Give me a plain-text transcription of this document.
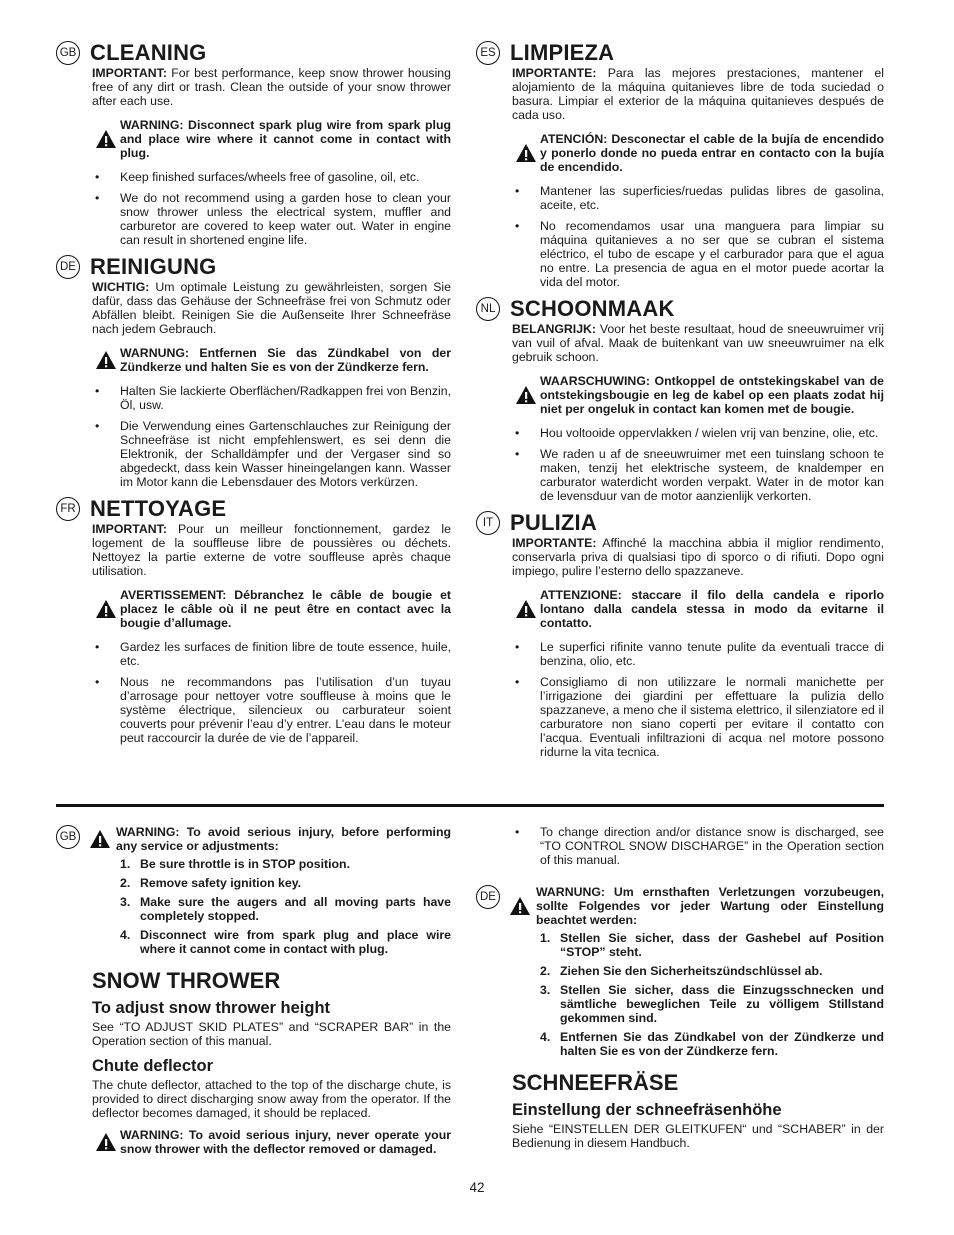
GB CLEANING
IMPORTANT: For best performance, keep snow thrower housing free of any dirt or trash. Clean the outside of your snow thrower after each use.
WARNING: Disconnect spark plug wire from spark plug and place wire where it cannot come in contact with plug.
• Keep finished surfaces/wheels free of gasoline, oil, etc.
• We do not recommend using a garden hose to clean your snow thrower unless the electrical system, muffler and carburetor are covered to keep water out. Water in engine can result in shortened engine life.
DE REINIGUNG
WICHTIG: Um optimale Leistung zu gewährleisten, sorgen Sie dafür, dass das Gehäuse der Schneefräse frei von Schmutz oder Abfällen bleibt. Reinigen Sie die Außenseite Ihrer Schneefräse nach jedem Gebrauch.
WARNUNG: Entfernen Sie das Zündkabel von der Zündkerze und halten Sie es von der Zündkerze fern.
• Halten Sie lackierte Oberflächen/Radkappen frei von Benzin, Öl, usw.
• Die Verwendung eines Gartenschlauches zur Reinigung der Schneefräse ist nicht empfehlenswert, es sei denn die Elektronik, der Schalldämpfer und der Vergaser sind so abgedeckt, dass kein Wasser hineingelangen kann. Wasser im Motor kann die Lebensdauer des Motors verkürzen.
FR NETTOYAGE
IMPORTANT: Pour un meilleur fonctionnement, gardez le logement de la souffleuse libre de poussières ou déchets. Nettoyez la partie externe de votre souffleuse après chaque utilisation.
AVERTISSEMENT: Débranchez le câble de bougie et placez le câble où il ne peut être en contact avec la bougie d’allumage.
• Gardez les surfaces de finition libre de toute essence, huile, etc.
• Nous ne recommandons pas l’utilisation d’un tuyau d’arrosage pour nettoyer votre souffleuse à moins que le système électrique, silencieux ou carburateur soient couverts pour prévenir l’eau d’y entrer. L’eau dans le moteur peut raccourcir la durée de vie de l’appareil.
ES LIMPIEZA
IMPORTANTE: Para las mejores prestaciones, mantener el alojamiento de la máquina quitanieves libre de toda suciedad o basura. Limpiar el exterior de la máquina quitanieves después de cada uso.
ATENCIÓN: Desconectar el cable de la bujía de encendido y ponerlo donde no pueda entrar en contacto con la bujía de encendido.
• Mantener las superficies/ruedas pulidas libres de gasolina, aceite, etc.
• No recomendamos usar una manguera para limpiar su máquina quitanieves a no ser que se cubran el sistema eléctrico, el tubo de escape y el carburador para que el agua no entre. La presencia de agua en el motor puede acortar la vida del motor.
NL SCHOONMAAK
BELANGRIJK: Voor het beste resultaat, houd de sneeuwruimer vrij van vuil of afval. Maak de buitenkant van uw sneeuwruimer na elk gebruik schoon.
WAARSCHUWING: Ontkoppel de ontstekingskabel van de ontstekingsbougie en leg de kabel op een plaats zodat hij niet per ongeluk in contact kan komen met de bougie.
• Hou voltooide oppervlakken / wielen vrij van benzine, olie, etc.
• We raden u af de sneeuwruimer met een tuinslang schoon te maken, tenzij het elektrische systeem, de knaldemper en carburator waterdicht worden verpakt. Water in de motor kan de levensduur van de motor aanzienlijk verkorten.
IT PULIZIA
IMPORTANTE: Affinché la macchina abbia il miglior rendimento, conservarla priva di qualsiasi tipo di sporco o di rifiuti. Dopo ogni impiego, pulire l’esterno dello spazzaneve.
ATTENZIONE: staccare il filo della candela e riporlo lontano dalla candela stessa in modo da evitarne il contatto.
• Le superfici rifinite vanno tenute pulite da eventuali tracce di benzina, olio, etc.
• Consigliamo di non utilizzare le normali manichette per l’irrigazione dei giardini per effettuare la pulizia dello spazzaneve, a meno che il sistema elettrico, il silenziatore ed il carburatore non siano coperti per evitare il contatto con l’acqua. Eventuali infiltrazioni di acqua nel motore possono ridurne la vita tecnica.
GB	WARNING: To avoid serious injury, before performing any service or adjustments:
1. Be sure throttle is in STOP position.
2. Remove safety ignition key.
3. Make sure the augers and all moving parts have completely stopped.
4. Disconnect wire from spark plug and place wire where it cannot come in contact with plug.
SNOW THROWER
To adjust snow thrower height
See “TO ADJUST SKID PLATES” and “SCRAPER BAR” in the Operation section of this manual.
Chute deflector
The chute deflector, attached to the top of the discharge chute, is provided to direct discharging snow away from the operator. If the deflector becomes damaged, it should be replaced.
WARNING: To avoid serious injury, never operate your snow thrower with the deflector removed or damaged.
• To change direction and/or distance snow is discharged, see “TO CONTROL SNOW DISCHARGE” in the Operation section of this manual.
DE	WARNUNG: Um ernsthaften Verletzungen vorzubeugen, sollte Folgendes vor jeder Wartung oder Einstellung beachtet werden:
1. Stellen Sie sicher, dass der Gashebel auf Position “STOP” steht.
2. Ziehen Sie den Sicherheitszündschlüssel ab.
3. Stellen Sie sicher, dass die Einzugsschnecken und sämtliche beweglichen Teile zu völligem Stillstand gekommen sind.
4. Entfernen Sie das Zündkabel von der Zündkerze und halten Sie es von der Zündkerze fern.
SCHNEEFRÄSE
Einstellung der schneefräsenhöhe
Siehe “EINSTELLEN DER GLEITKUFEN“ und “SCHABER” in der Bedienung in diesem Handbuch.
42
